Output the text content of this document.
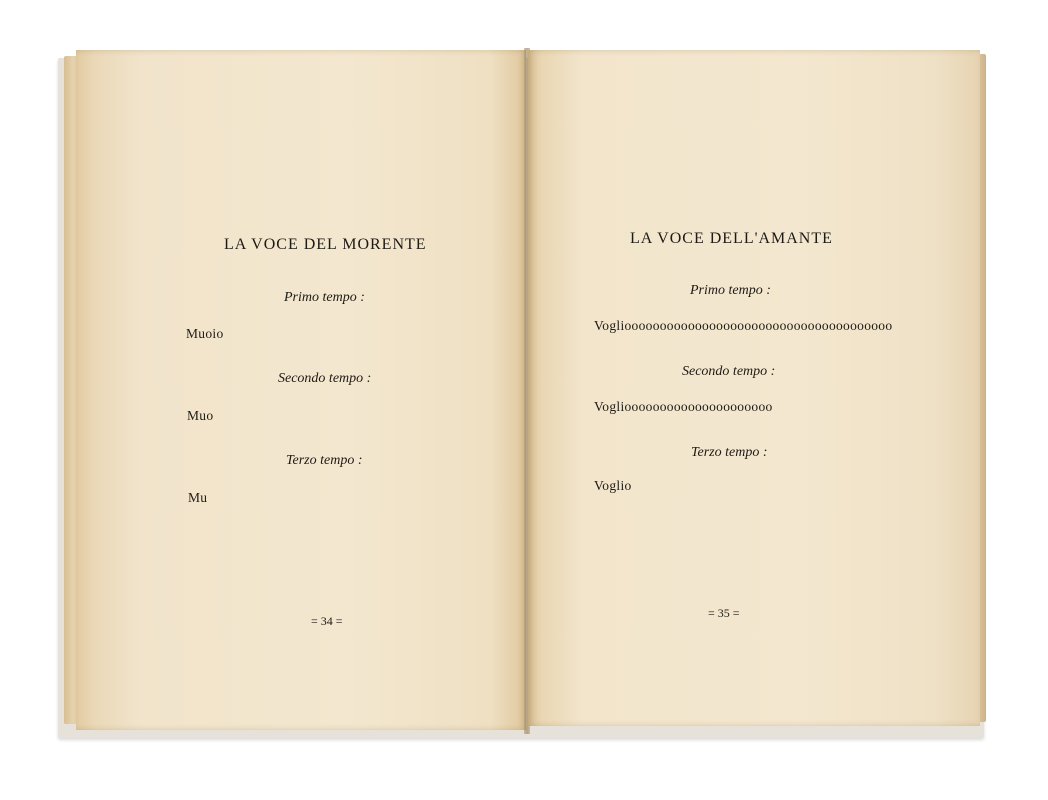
LA VOCE DEL MORENTE
Primo tempo :
Muoio
Secondo tempo :
Muo
Terzo tempo :
Mu
= 34 =
LA VOCE DELL'AMANTE
Primo tempo :
Voglioooooooooooooooooooooooooooooooooooooo
Secondo tempo :
Vogliooooooooooooooooooooo
Terzo tempo :
Voglio
= 35 =
